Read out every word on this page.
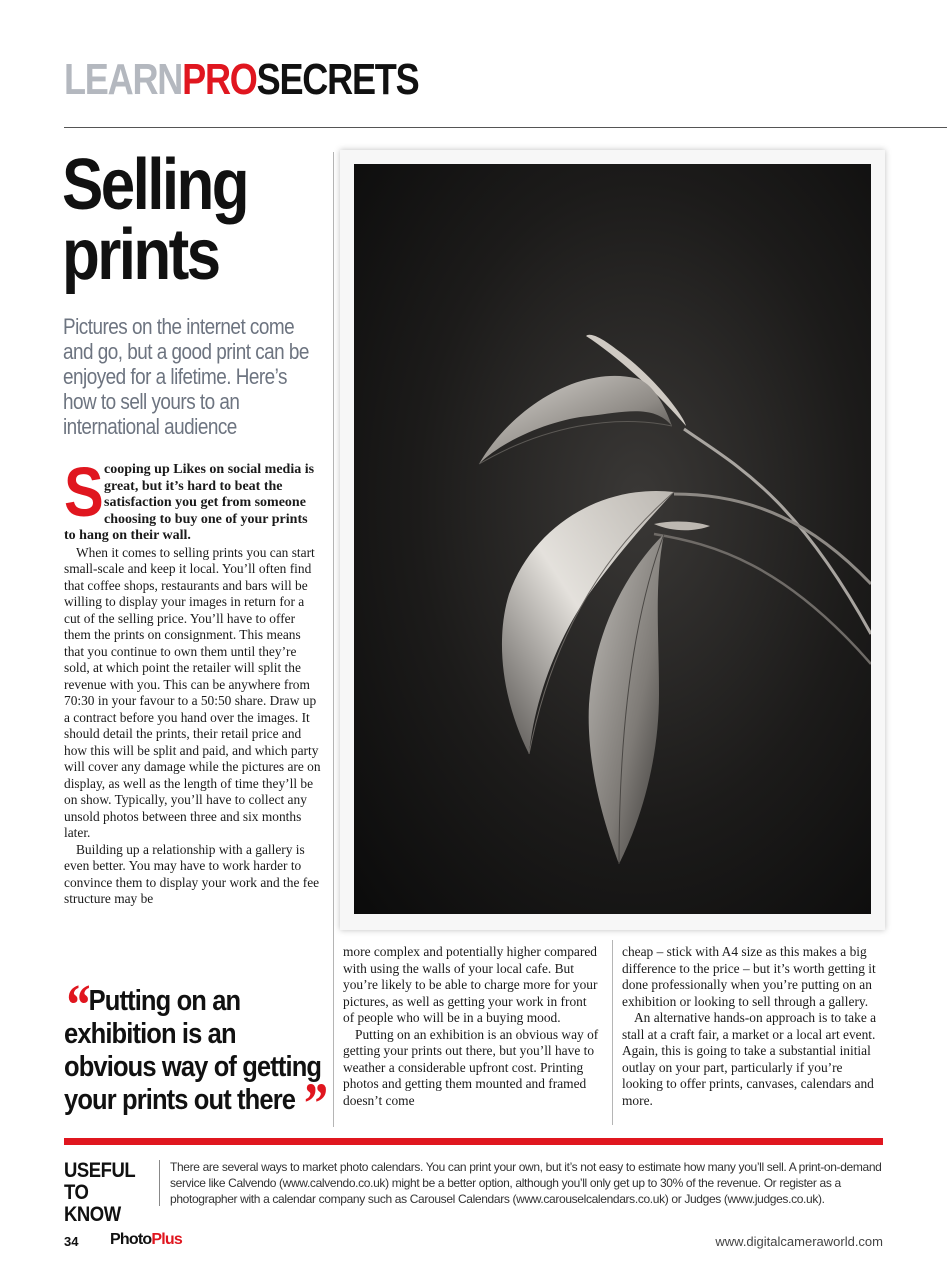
LEARNPROSECRETS
Selling prints
Pictures on the internet come and go, but a good print can be enjoyed for a lifetime. Here’s how to sell yours to an international audience
Scooping up Likes on social media is great, but it’s hard to beat the satisfaction you get from someone choosing to buy one of your prints to hang on their wall.

When it comes to selling prints you can start small-scale and keep it local. You’ll often find that coffee shops, restaurants and bars will be willing to display your images in return for a cut of the selling price. You’ll have to offer them the prints on consignment. This means that you continue to own them until they’re sold, at which point the retailer will split the revenue with you. This can be anywhere from 70:30 in your favour to a 50:50 share. Draw up a contract before you hand over the images. It should detail the prints, their retail price and how this will be split and paid, and which party will cover any damage while the pictures are on display, as well as the length of time they’ll be on show. Typically, you’ll have to collect any unsold photos between three and six months later.

Building up a relationship with a gallery is even better. You may have to work harder to convince them to display your work and the fee structure may be

“Putting on an exhibition is an obvious way of getting your prints out there ”

more complex and potentially higher compared with using the walls of your local cafe. But you’re likely to be able to charge more for your pictures, as well as getting your work in front of people who will be in a buying mood.

Putting on an exhibition is an obvious way of getting your prints out there, but you’ll have to weather a considerable upfront cost. Printing photos and getting them mounted and framed doesn’t come

cheap – stick with A4 size as this makes a big difference to the price – but it’s worth getting it done professionally when you’re putting on an exhibition or looking to sell through a gallery.

An alternative hands-on approach is to take a stall at a craft fair, a market or a local art event. Again, this is going to take a substantial initial outlay on your part, particularly if you’re looking to offer prints, canvases, calendars and more.

USEFUL
TO KNOW
There are several ways to market photo calendars. You can print your own, but it’s not easy to estimate how many you’ll sell. A print-on-demand service like Calvendo (www.calvendo.co.uk) might be a better option, although you’ll only get up to 30% of the revenue. Or register as a photographer with a calendar company such as Carousel Calendars (www.carouselcalendars.co.uk) or Judges (www.judges.co.uk).
34 PhotoPlus	www.digitalcameraworld.com
